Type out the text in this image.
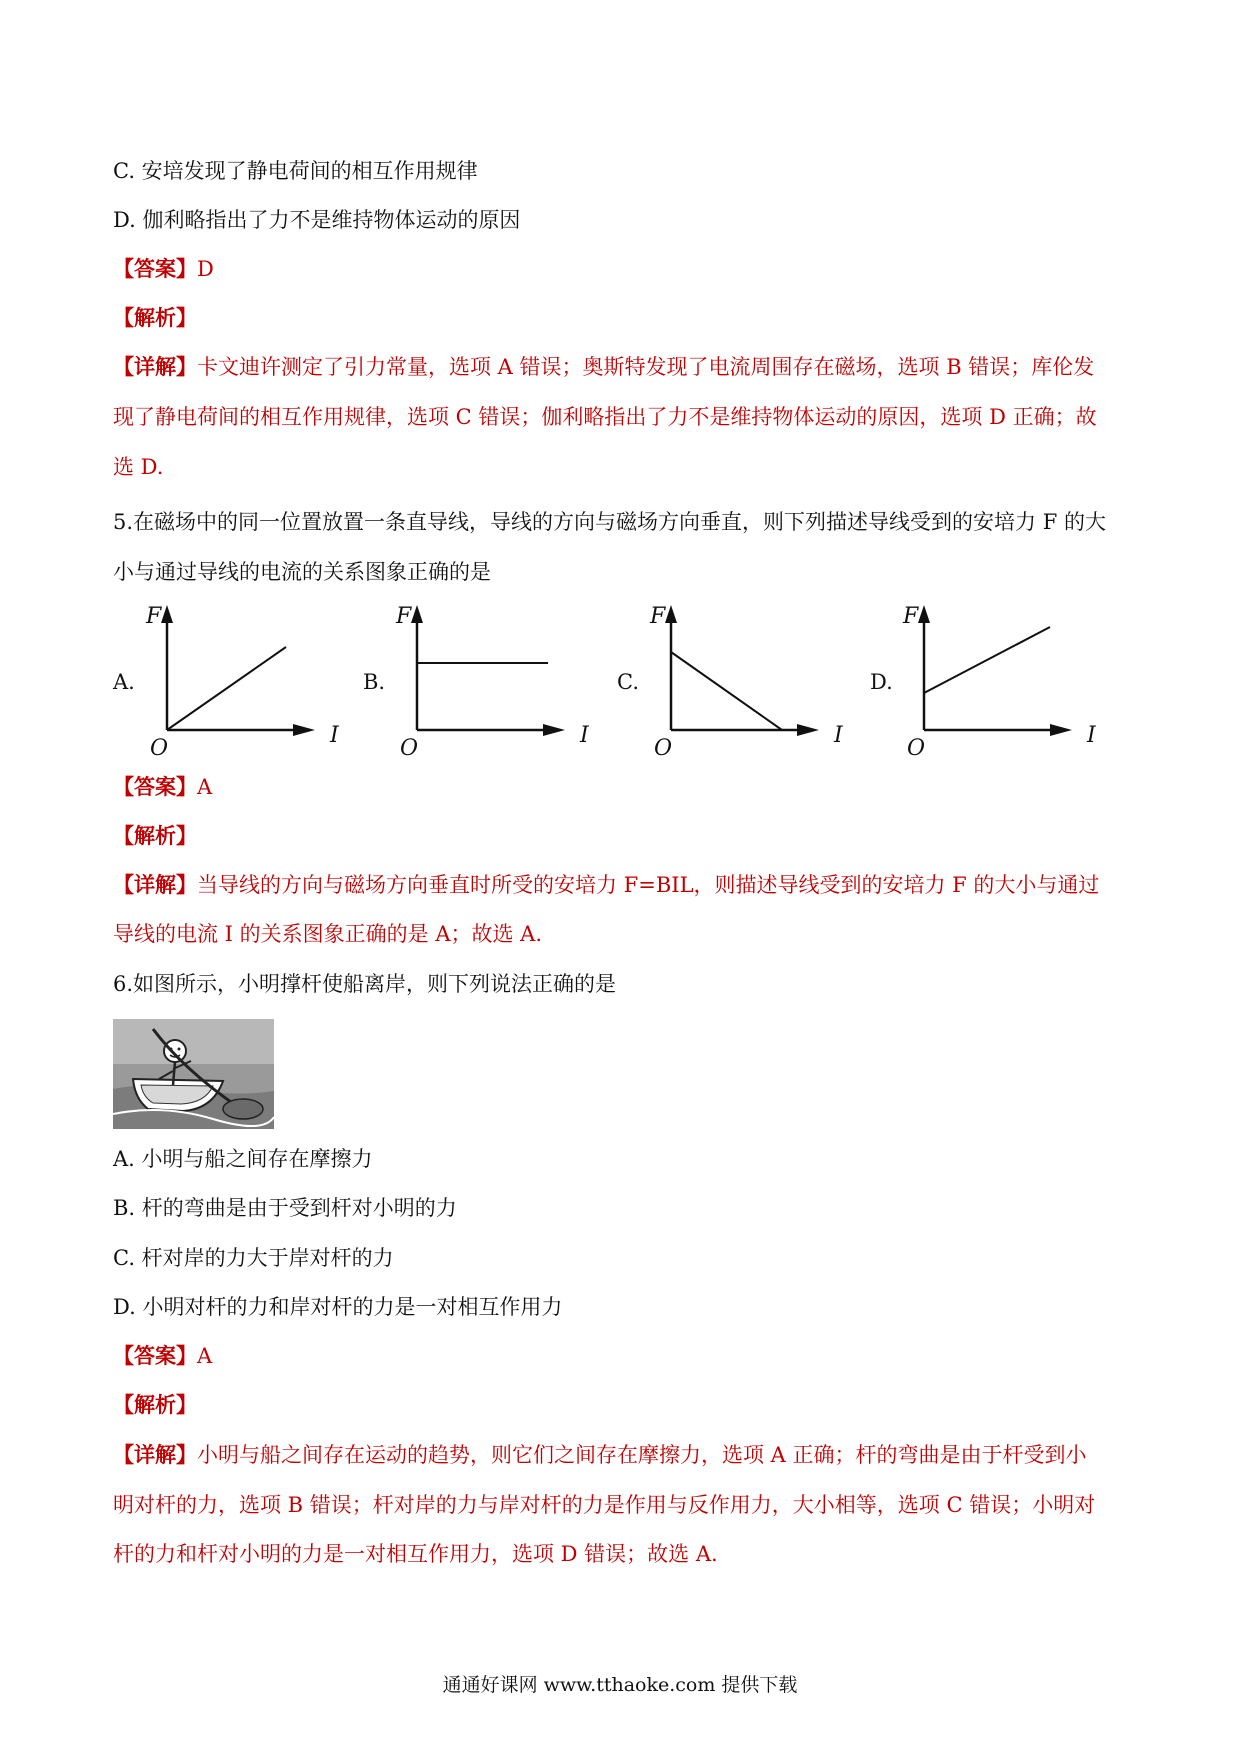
C. 安培发现了静电荷间的相互作用规律
D. 伽利略指出了力不是维持物体运动的原因
【答案】D
【解析】
【详解】卡文迪许测定了引力常量，选项 A 错误；奥斯特发现了电流周围存在磁场，选项 B 错误；库伦发
现了静电荷间的相互作用规律，选项 C 错误；伽利略指出了力不是维持物体运动的原因，选项 D 正确；故
选 D.
5.在磁场中的同一位置放置一条直导线，导线的方向与磁场方向垂直，则下列描述导线受到的安培力 F 的大
小与通过导线的电流的关系图象正确的是
A.
F
I
O
B.
F
I
O
C.
F
I
O
D.
F
I
O
【答案】A
【解析】
【详解】当导线的方向与磁场方向垂直时所受的安培力 F=BIL，则描述导线受到的安培力 F 的大小与通过
导线的电流 I 的关系图象正确的是 A；故选 A.
6.如图所示，小明撑杆使船离岸，则下列说法正确的是
A. 小明与船之间存在摩擦力
B. 杆的弯曲是由于受到杆对小明的力
C. 杆对岸的力大于岸对杆的力
D. 小明对杆的力和岸对杆的力是一对相互作用力
【答案】A
【解析】
【详解】小明与船之间存在运动的趋势，则它们之间存在摩擦力，选项 A 正确；杆的弯曲是由于杆受到小
明对杆的力，选项 B 错误；杆对岸的力与岸对杆的力是作用与反作用力，大小相等，选项 C 错误；小明对
杆的力和杆对小明的力是一对相互作用力，选项 D 错误；故选 A.
通通好课网 www.tthaoke.com 提供下载
